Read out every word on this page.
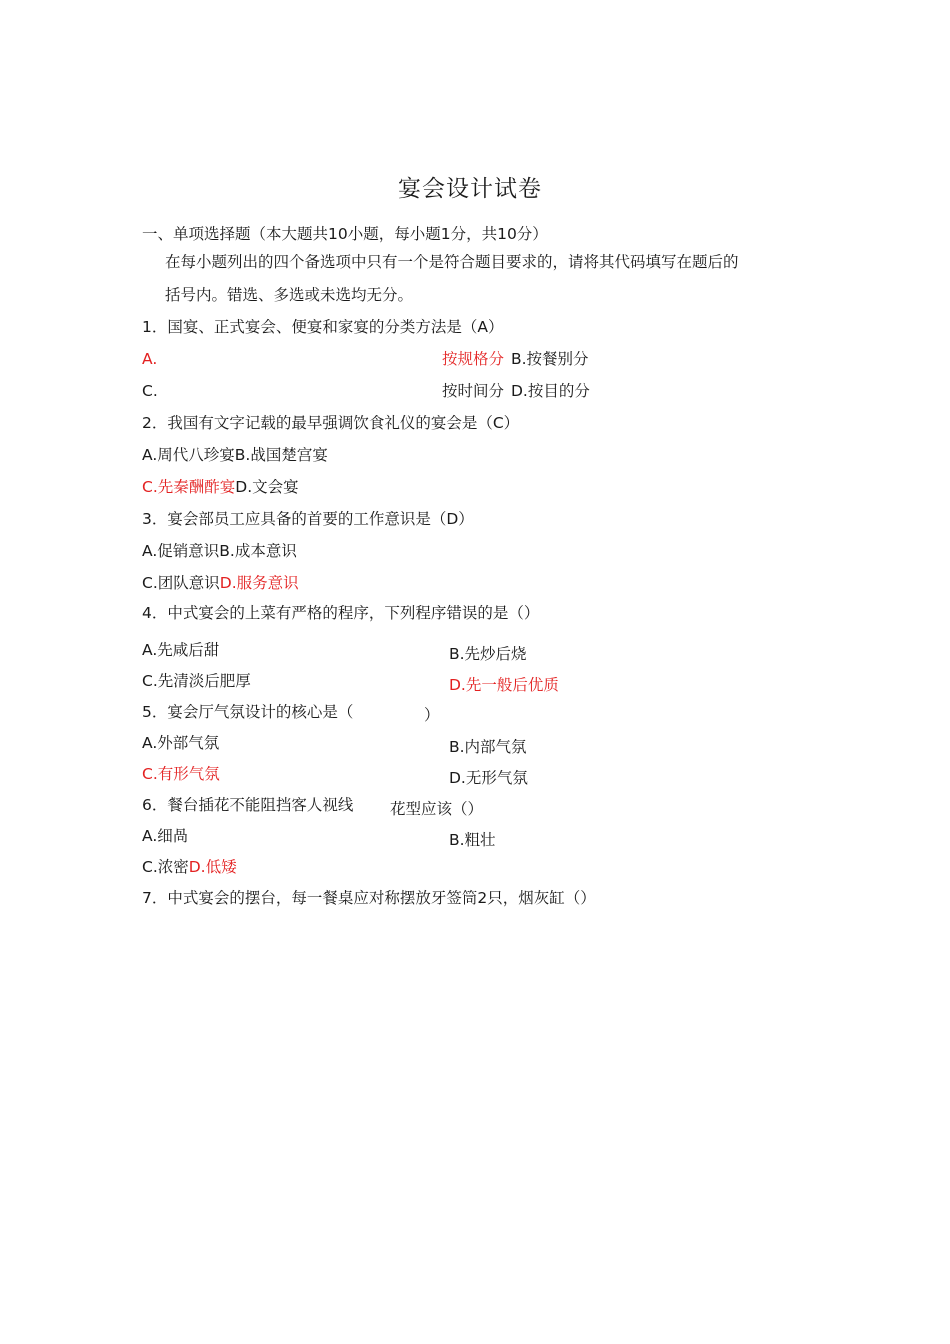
宴会设计试卷
一、单项选择题（本大题共10小题，每小题1分，共10分）
在每小题列出的四个备选项中只有一个是符合题目要求的，请将其代码填写在题后的
括号内。错选、多选或未选均无分。
1．国宴、正式宴会、便宴和家宴的分类方法是（A）
A.	按规格分 B.按餐别分
C.	按时间分 D.按目的分
2．我国有文字记载的最早强调饮食礼仪的宴会是（C）
A.周代八珍宴B.战国楚宫宴
C.先秦酬酢宴D.文会宴
3．宴会部员工应具备的首要的工作意识是（D）
A.促销意识B.成本意识
C.团队意识D.服务意识
4．中式宴会的上菜有严格的程序，下列程序错误的是（）
A.先咸后甜	B.先炒后烧
C.先清淡后肥厚	D.先一般后优质
5．宴会厅气氛设计的核心是（	）
A.外部气氛	B.内部气氛
C.有形气氛	D.无形气氛
6．餐台插花不能阻挡客人视线 花型应该（）
A.细咼	B.粗壮
C.浓密D.低矮
7．中式宴会的摆台，每一餐桌应对称摆放牙签筒2只，烟灰缸（）
